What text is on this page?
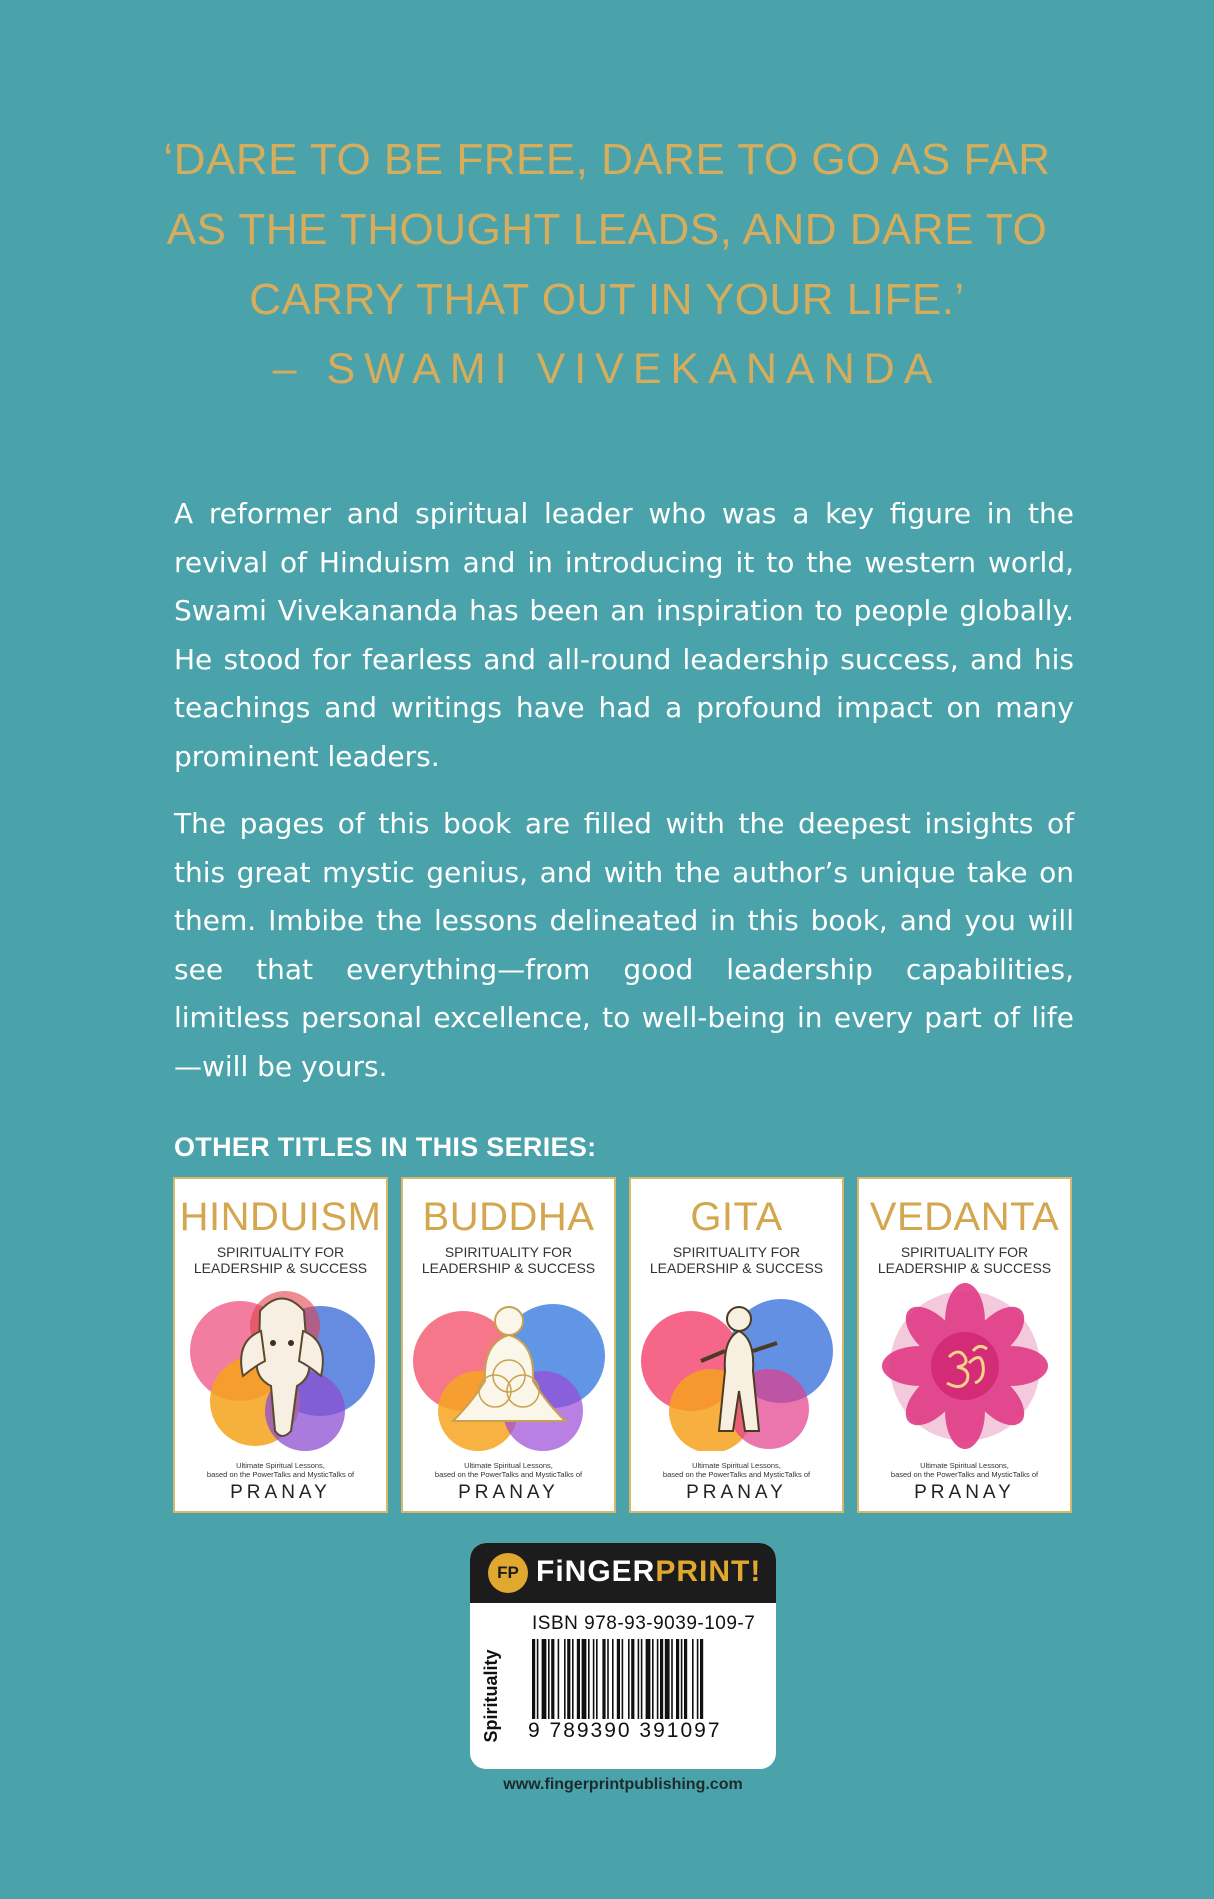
‘DARE TO BE FREE, DARE TO GO AS FAR
AS THE THOUGHT LEADS, AND DARE TO
CARRY THAT OUT IN YOUR LIFE.’
– SWAMI VIVEKANANDA

A reformer and spiritual leader who was a key figure in the revival of Hinduism and in introducing it to the western world, Swami Vivekananda has been an inspiration to people globally. He stood for fearless and all-round leadership success, and his teachings and writings have had a profound impact on many prominent leaders.

The pages of this book are filled with the deepest insights of this great mystic genius, and with the author’s unique take on them. Imbibe the lessons delineated in this book, and you will see that everything—from good leadership capabilities, limitless personal excellence, to well-being in every part of life—will be yours.

OTHER TITLES IN THIS SERIES:
HINDUISM
SPIRITUALITY FOR
LEADERSHIP & SUCCESS
Ultimate Spiritual Lessons,
based on the PowerTalks and MysticTalks of
PRANAY
BUDDHA
SPIRITUALITY FOR
LEADERSHIP & SUCCESS
Ultimate Spiritual Lessons,
based on the PowerTalks and MysticTalks of
PRANAY
GITA
SPIRITUALITY FOR
LEADERSHIP & SUCCESS
Ultimate Spiritual Lessons,
based on the PowerTalks and MysticTalks of
PRANAY
VEDANTA
SPIRITUALITY FOR
LEADERSHIP & SUCCESS
Ultimate Spiritual Lessons,
based on the PowerTalks and MysticTalks of
PRANAY
FP FiNGERPRINT!
Spirituality
ISBN 978-93-9039-109-7
9 789390 391097
www.fingerprintpublishing.com
